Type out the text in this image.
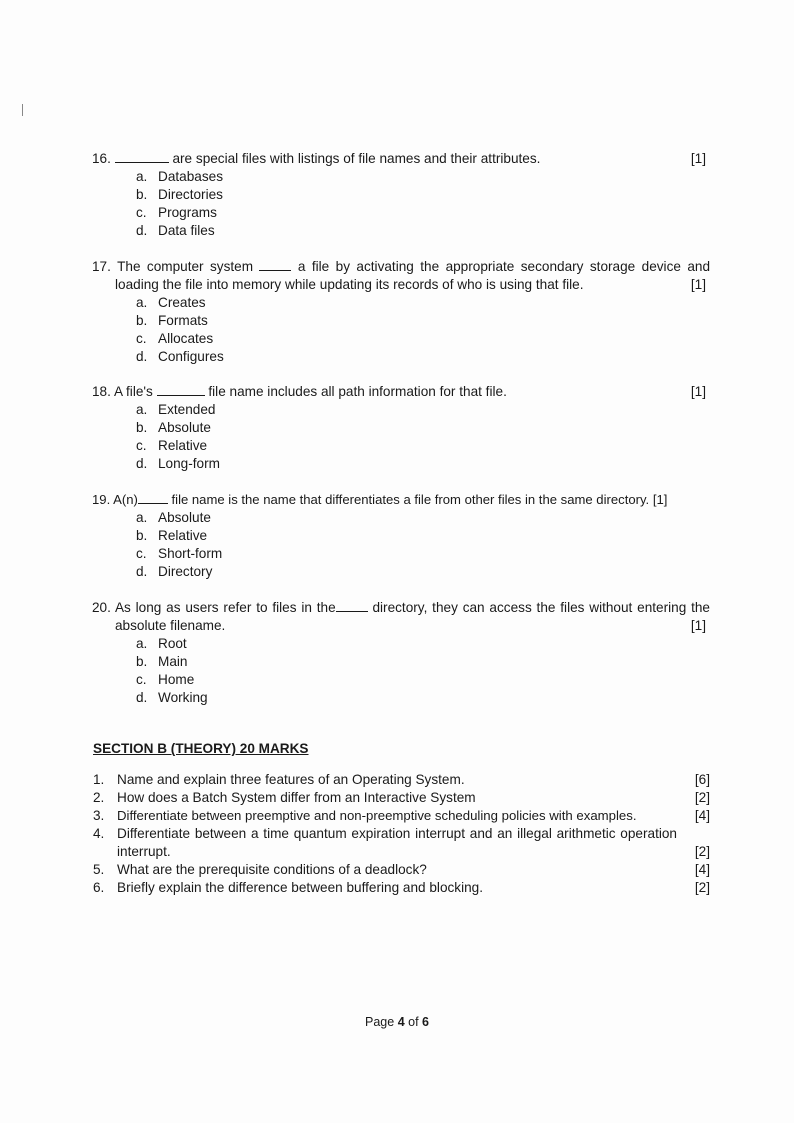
16.	are special files with listings of file names and their attributes.	[1]
a. Databases
b. Directories
c. Programs
d. Data files
17. The computer system	a file by activating the appropriate secondary storage device and
loading the file into memory while updating its records of who is using that file.	[1]
a. Creates
b. Formats
c. Allocates
d. Configures
18. A file's	file name includes all path information for that file.	[1]
a. Extended
b. Absolute
c. Relative
d. Long-form
19. A(n)	file name is the name that differentiates a file from other files in the same directory. [1]
a. Absolute
b. Relative
c. Short-form
d. Directory
20. As long as users refer to files in the	directory, they can access the files without entering the
absolute filename.	[1]
a. Root
b. Main
c. Home
d. Working
SECTION B (THEORY) 20 MARKS
1. Name and explain three features of an Operating System.	[6]
2. How does a Batch System differ from an Interactive System	[2]
3. Differentiate between preemptive and non-preemptive scheduling policies with examples.	[4]
4. Differentiate between a time quantum expiration interrupt and an illegal arithmetic operation interrupt.	[2]
5. What are the prerequisite conditions of a deadlock?	[4]
6. Briefly explain the difference between buffering and blocking.	[2]
Page 4 of 6
